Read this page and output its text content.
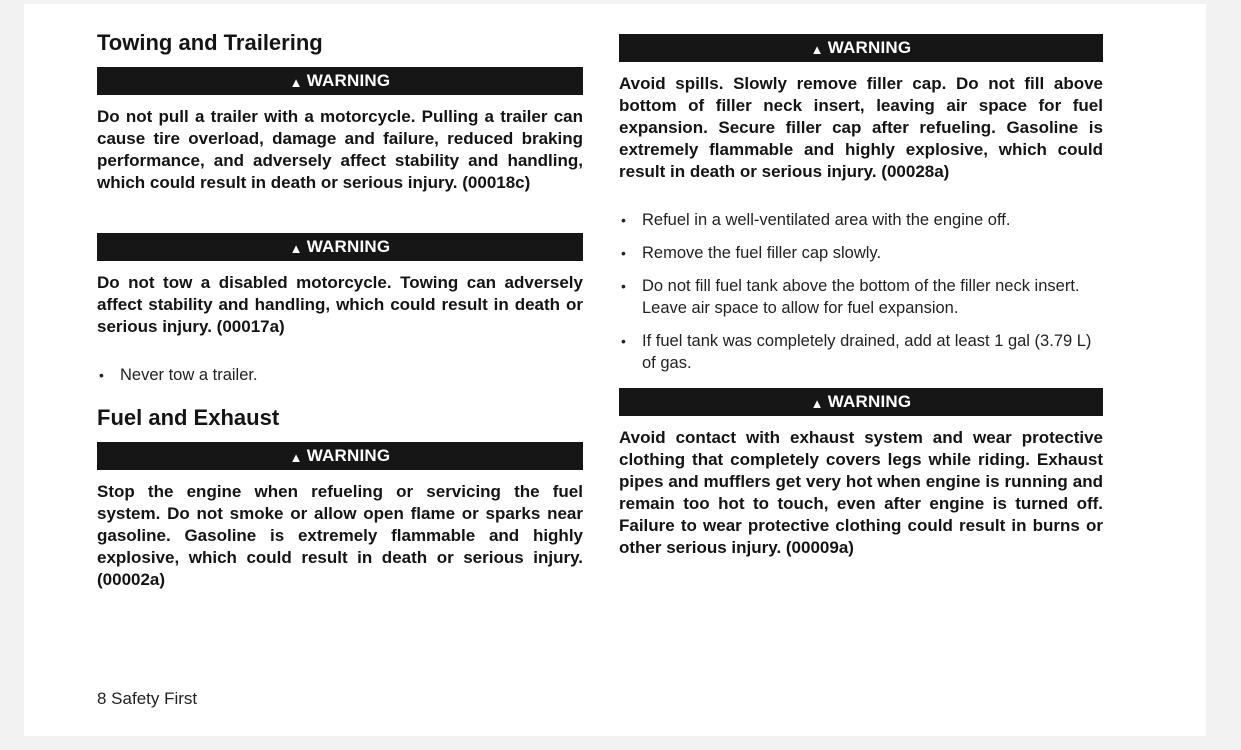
Towing and Trailering
▲ WARNING

Do not pull a trailer with a motorcycle. Pulling a trailer can cause tire overload, damage and failure, reduced braking performance, and adversely affect stability and handling, which could result in death or serious injury. (00018c)

▲ WARNING

Do not tow a disabled motorcycle. Towing can adversely affect stability and handling, which could result in death or serious injury. (00017a)

• Never tow a trailer.
Fuel and Exhaust
▲ WARNING

Stop the engine when refueling or servicing the fuel system. Do not smoke or allow open flame or sparks near gasoline. Gasoline is extremely flammable and highly explosive, which could result in death or serious injury. (00002a)

▲ WARNING

Avoid spills. Slowly remove filler cap. Do not fill above bottom of filler neck insert, leaving air space for fuel expansion. Secure filler cap after refueling. Gasoline is extremely flammable and highly explosive, which could result in death or serious injury. (00028a)

• Refuel in a well-ventilated area with the engine off.
• Remove the fuel filler cap slowly.
• Do not fill fuel tank above the bottom of the filler neck insert. Leave air space to allow for fuel expansion.
• If fuel tank was completely drained, add at least 1 gal (3.79 L) of gas.
▲ WARNING

Avoid contact with exhaust system and wear protective clothing that completely covers legs while riding. Exhaust pipes and mufflers get very hot when engine is running and remain too hot to touch, even after engine is turned off. Failure to wear protective clothing could result in burns or other serious injury. (00009a)

8 Safety First
